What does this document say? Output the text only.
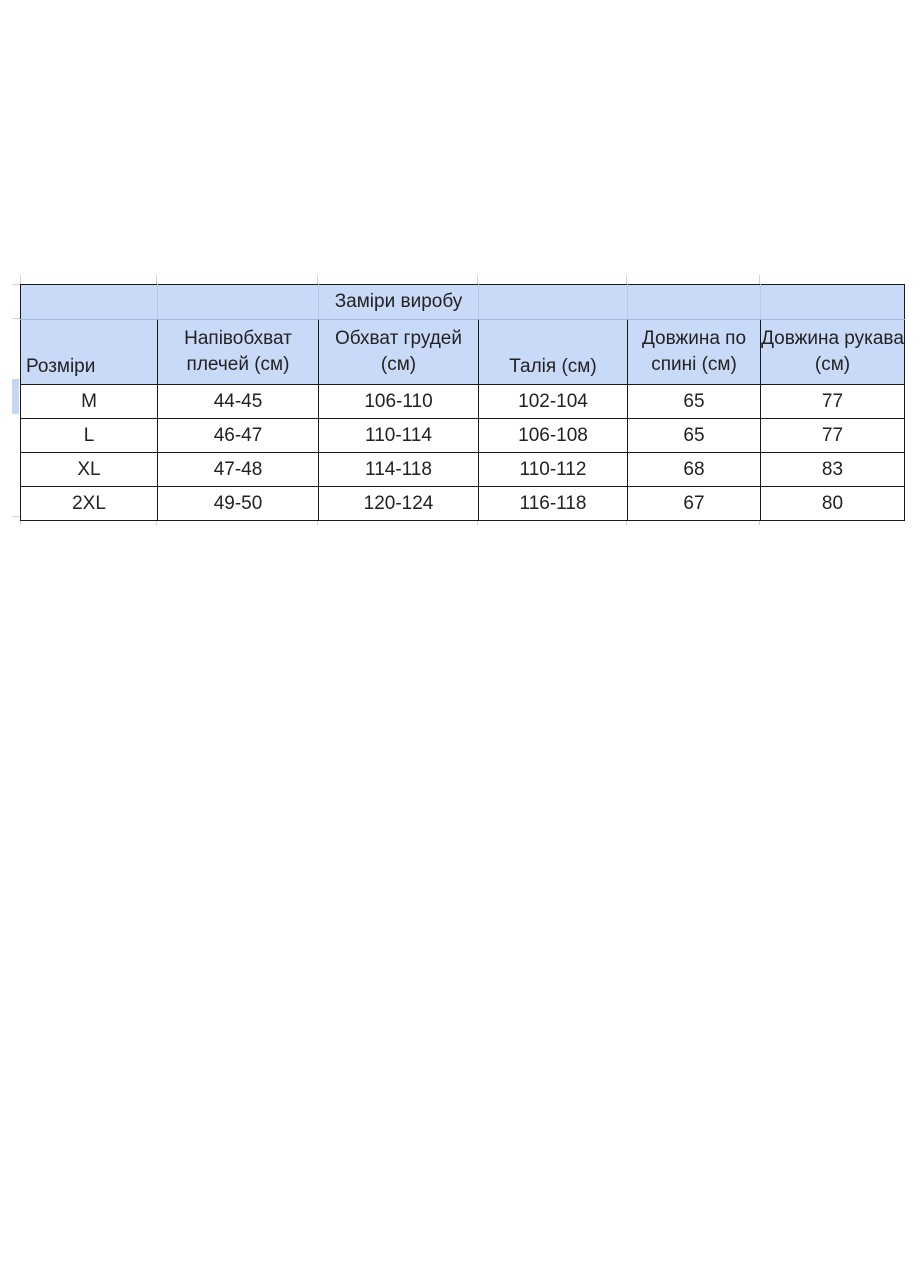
		Заміри виробу			
Розміри	Напівобхват плечей (см)	Обхват грудей (см)	Талія (см)	Довжина по спині (см)	Довжина рукава (см)
M	44-45	106-110	102-104	65	77
L	46-47	110-114	106-108	65	77
XL	47-48	114-118	110-112	68	83
2XL	49-50	120-124	116-118	67	80
